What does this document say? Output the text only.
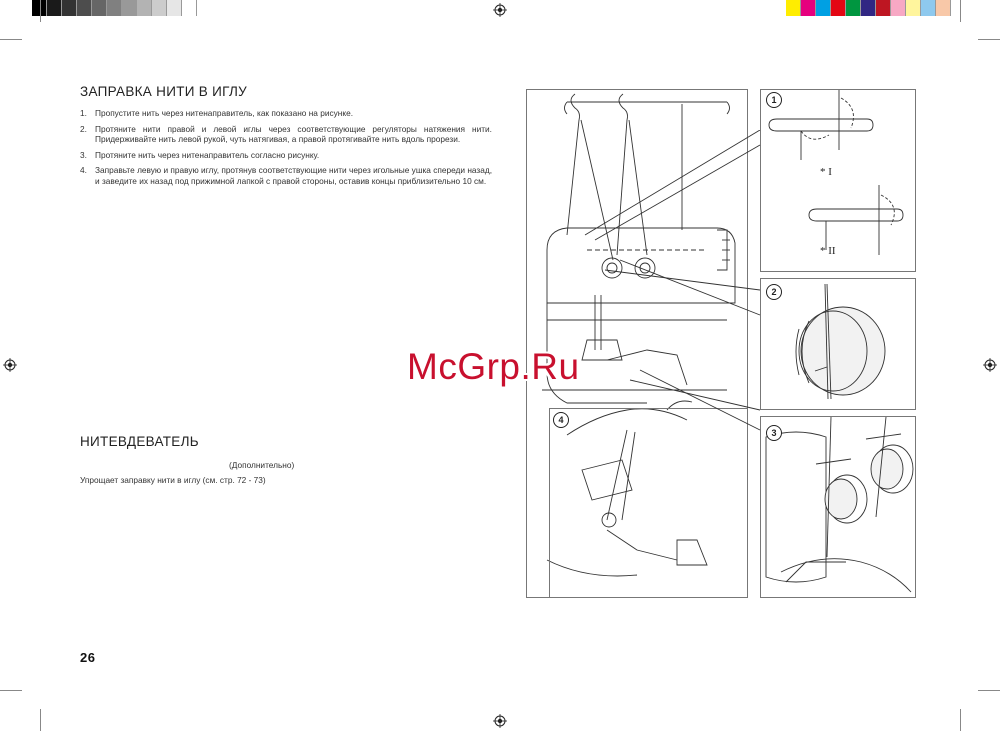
ЗАПРАВКА НИТИ В ИГЛУ
1. Пропустите нить через нитенаправитель, как показано на рисунке.
2. Протяните нити правой и левой иглы через соответствующие регуляторы натяжения нити. Придерживайте нить левой рукой, чуть натягивая, а правой протягивайте нить вдоль прорези.
3. Протяните нить через нитенаправитель согласно рисунку.
4. Заправьте левую и правую иглу, протянув соответствующие нити через игольные ушка спереди назад, и заведите их назад под прижимной лапкой с правой стороны, оставив концы приблизительно 10 см.
НИТЕВДЕВАТЕЛЬ
(Дополнительно)
Упрощает заправку нити в иглу (см. стр. 72 - 73)
26
1
2
3
4
* I
* II
McGrp.Ru
